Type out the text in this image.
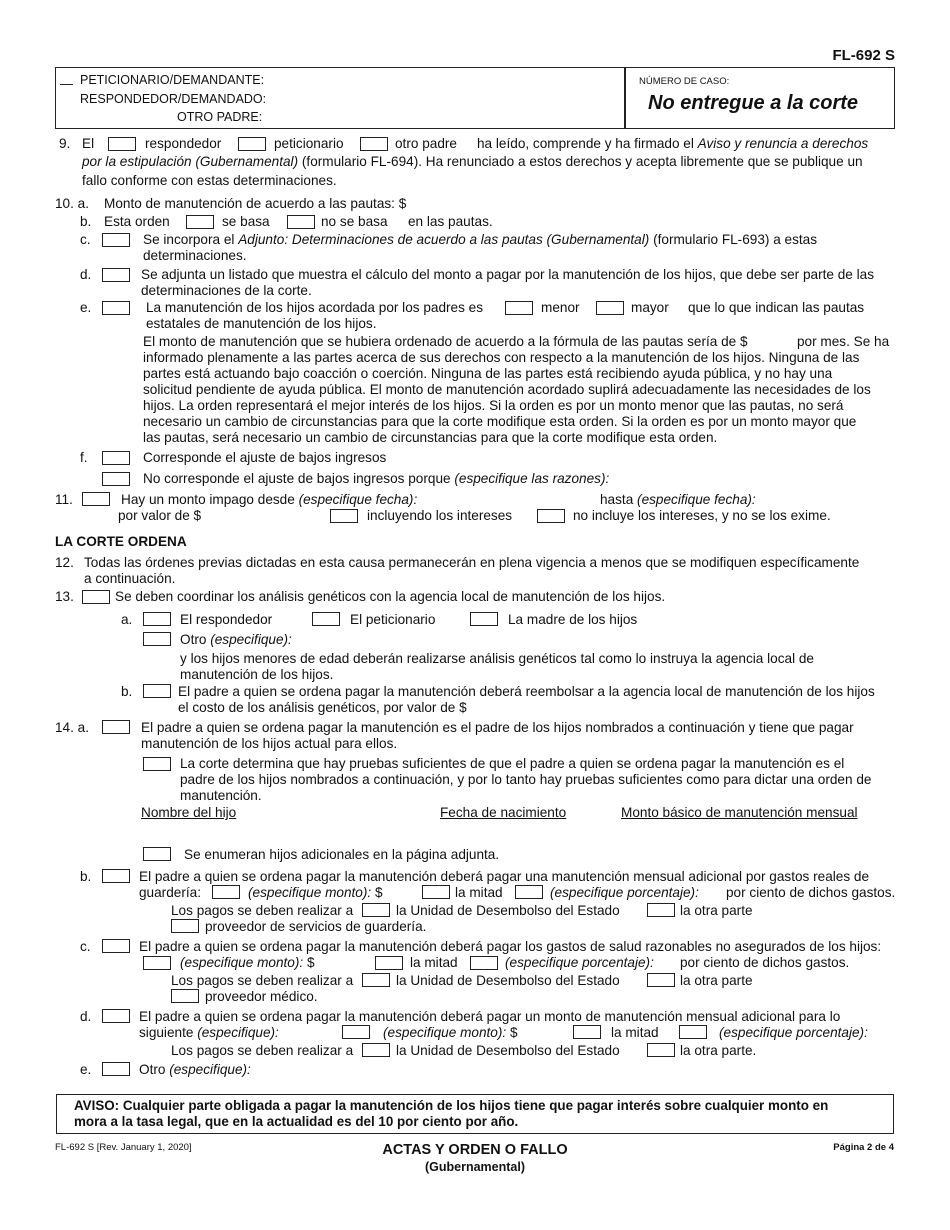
FL-692 S
PETICIONARIO/DEMANDANTE:
RESPONDEDOR/DEMANDADO:
OTRO PADRE:
NÚMERO DE CASO:
No entregue a la corte
9. El	respondedor	peticionario	otro padre ha leído, comprende y ha firmado el Aviso y renuncia a derechos
por la estipulación (Gubernamental) (formulario FL-694). Ha renunciado a estos derechos y acepta libremente que se publique un
fallo conforme con estas determinaciones.
10. a. Monto de manutención de acuerdo a las pautas: $
b. Esta orden	se basa	no se basa en las pautas.
c.	Se incorpora el Adjunto: Determinaciones de acuerdo a las pautas (Gubernamental) (formulario FL-693) a estas
determinaciones.
d.	Se adjunta un listado que muestra el cálculo del monto a pagar por la manutención de los hijos, que debe ser parte de las
determinaciones de la corte.
e.	La manutención de los hijos acordada por los padres es	menor	mayor que lo que indican las pautas
estatales de manutención de los hijos.
El monto de manutención que se hubiera ordenado de acuerdo a la fórmula de las pautas sería de $	por mes. Se ha
informado plenamente a las partes acerca de sus derechos con respecto a la manutención de los hijos. Ninguna de las
partes está actuando bajo coacción o coerción. Ninguna de las partes está recibiendo ayuda pública, y no hay una
solicitud pendiente de ayuda pública. El monto de manutención acordado suplirá adecuadamente las necesidades de los
hijos. La orden representará el mejor interés de los hijos. Si la orden es por un monto menor que las pautas, no será
necesario un cambio de circunstancias para que la corte modifique esta orden. Si la orden es por un monto mayor que
las pautas, será necesario un cambio de circunstancias para que la corte modifique esta orden.
f.	Corresponde el ajuste de bajos ingresos
No corresponde el ajuste de bajos ingresos porque (especifique las razones):
11.	Hay un monto impago desde (especifique fecha):	hasta (especifique fecha):
por valor de $	incluyendo los intereses	no incluye los intereses, y no se los exime.
LA CORTE ORDENA
12. Todas las órdenes previas dictadas en esta causa permanecerán en plena vigencia a menos que se modifiquen específicamente
a continuación.
13.	Se deben coordinar los análisis genéticos con la agencia local de manutención de los hijos.
a.	El respondedor	El peticionario	La madre de los hijos
Otro (especifique):
y los hijos menores de edad deberán realizarse análisis genéticos tal como lo instruya la agencia local de
manutención de los hijos.
b.	El padre a quien se ordena pagar la manutención deberá reembolsar a la agencia local de manutención de los hijos
el costo de los análisis genéticos, por valor de $
14. a.	El padre a quien se ordena pagar la manutención es el padre de los hijos nombrados a continuación y tiene que pagar
manutención de los hijos actual para ellos.
La corte determina que hay pruebas suficientes de que el padre a quien se ordena pagar la manutención es el
padre de los hijos nombrados a continuación, y por lo tanto hay pruebas suficientes como para dictar una orden de
manutención.
Nombre del hijo	Fecha de nacimiento	Monto básico de manutención mensual
Se enumeran hijos adicionales en la página adjunta.
b.	El padre a quien se ordena pagar la manutención deberá pagar una manutención mensual adicional por gastos reales de
guardería:	(especifique monto): $	la mitad	(especifique porcentaje): por ciento de dichos gastos.
Los pagos se deben realizar a	la Unidad de Desembolso del Estado	la otra parte
proveedor de servicios de guardería.
c.	El padre a quien se ordena pagar la manutención deberá pagar los gastos de salud razonables no asegurados de los hijos:
(especifique monto): $	la mitad	(especifique porcentaje): por ciento de dichos gastos.
Los pagos se deben realizar a	la Unidad de Desembolso del Estado	la otra parte
proveedor médico.
d.	El padre a quien se ordena pagar la manutención deberá pagar un monto de manutención mensual adicional para lo
siguiente (especifique):	(especifique monto): $	la mitad	(especifique porcentaje):
Los pagos se deben realizar a	la Unidad de Desembolso del Estado	la otra parte.
e.	Otro (especifique):
AVISO: Cualquier parte obligada a pagar la manutención de los hijos tiene que pagar interés sobre cualquier monto en
mora a la tasa legal, que en la actualidad es del 10 por ciento por año.
FL-692 S [Rev. January 1, 2020]	ACTAS Y ORDEN O FALLO
(Gubernamental)
Página 2 de 4
